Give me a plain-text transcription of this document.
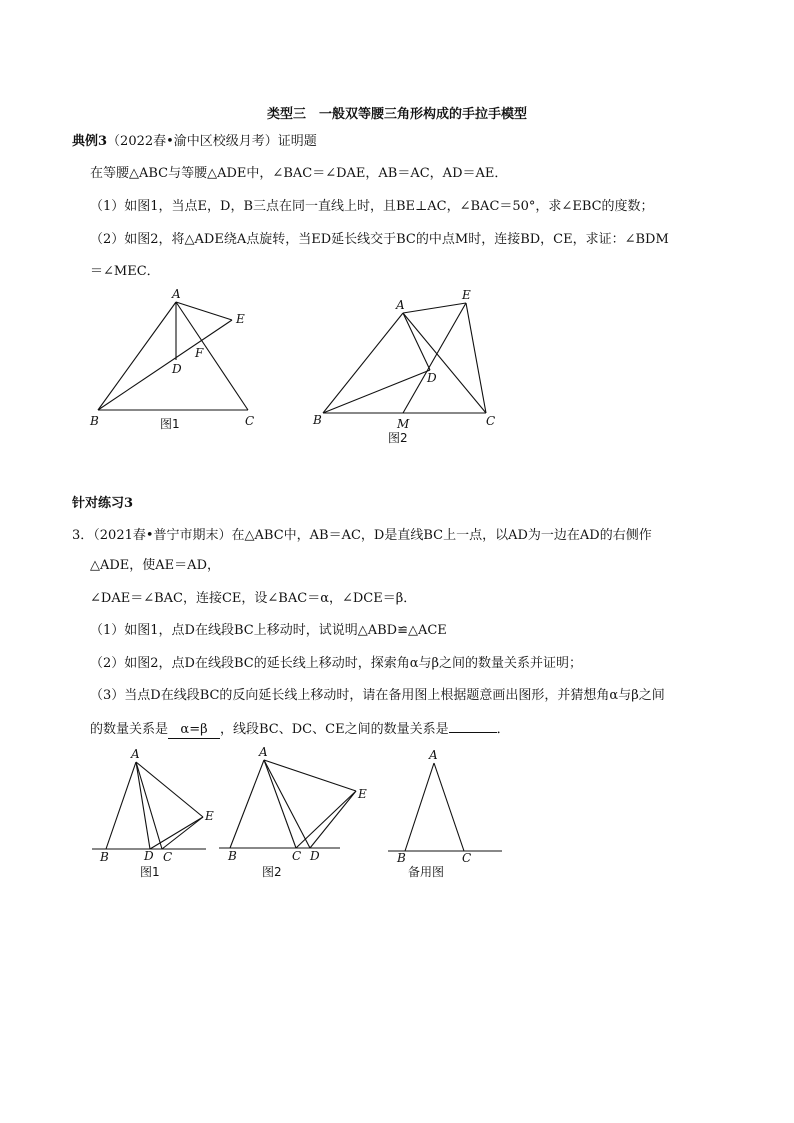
类型三　一般双等腰三角形构成的手拉手模型
典例3（2022春•渝中区校级月考）证明题
在等腰△ABC与等腰△ADE中，∠BAC＝∠DAE，AB＝AC，AD＝AE．
（1）如图1，当点E，D，B三点在同一直线上时，且BE⊥AC，∠BAC＝50°，求∠EBC的度数；
（2）如图2，将△ADE绕A点旋转，当ED延长线交于BC的中点M时，连接BD，CE，求证：∠BDM
＝∠MEC．
A
E
F
D
B	C
图1
A
E
D
B	M	C
图2
针对练习3
3．（2021春•普宁市期末）在△ABC中，AB＝AC，D是直线BC上一点，以AD为一边在AD的右侧作
△ADE，使AE＝AD，
∠DAE＝∠BAC，连接CE，设∠BAC＝α，∠DCE＝β．
（1）如图1，点D在线段BC上移动时，试说明△ABD≌△ACE
（2）如图2，点D在线段BC的延长线上移动时，探索角α与β之间的数量关系并证明；
（3）当点D在线段BC的反向延长线上移动时，请在备用图上根据题意画出图形，并猜想角α与β之间
的数量关系是 α=β ，线段BC、DC、CE之间的数量关系是	．
A
E
B	D C
图1
A
E
B	C D
图2
A
B	C
备用图
